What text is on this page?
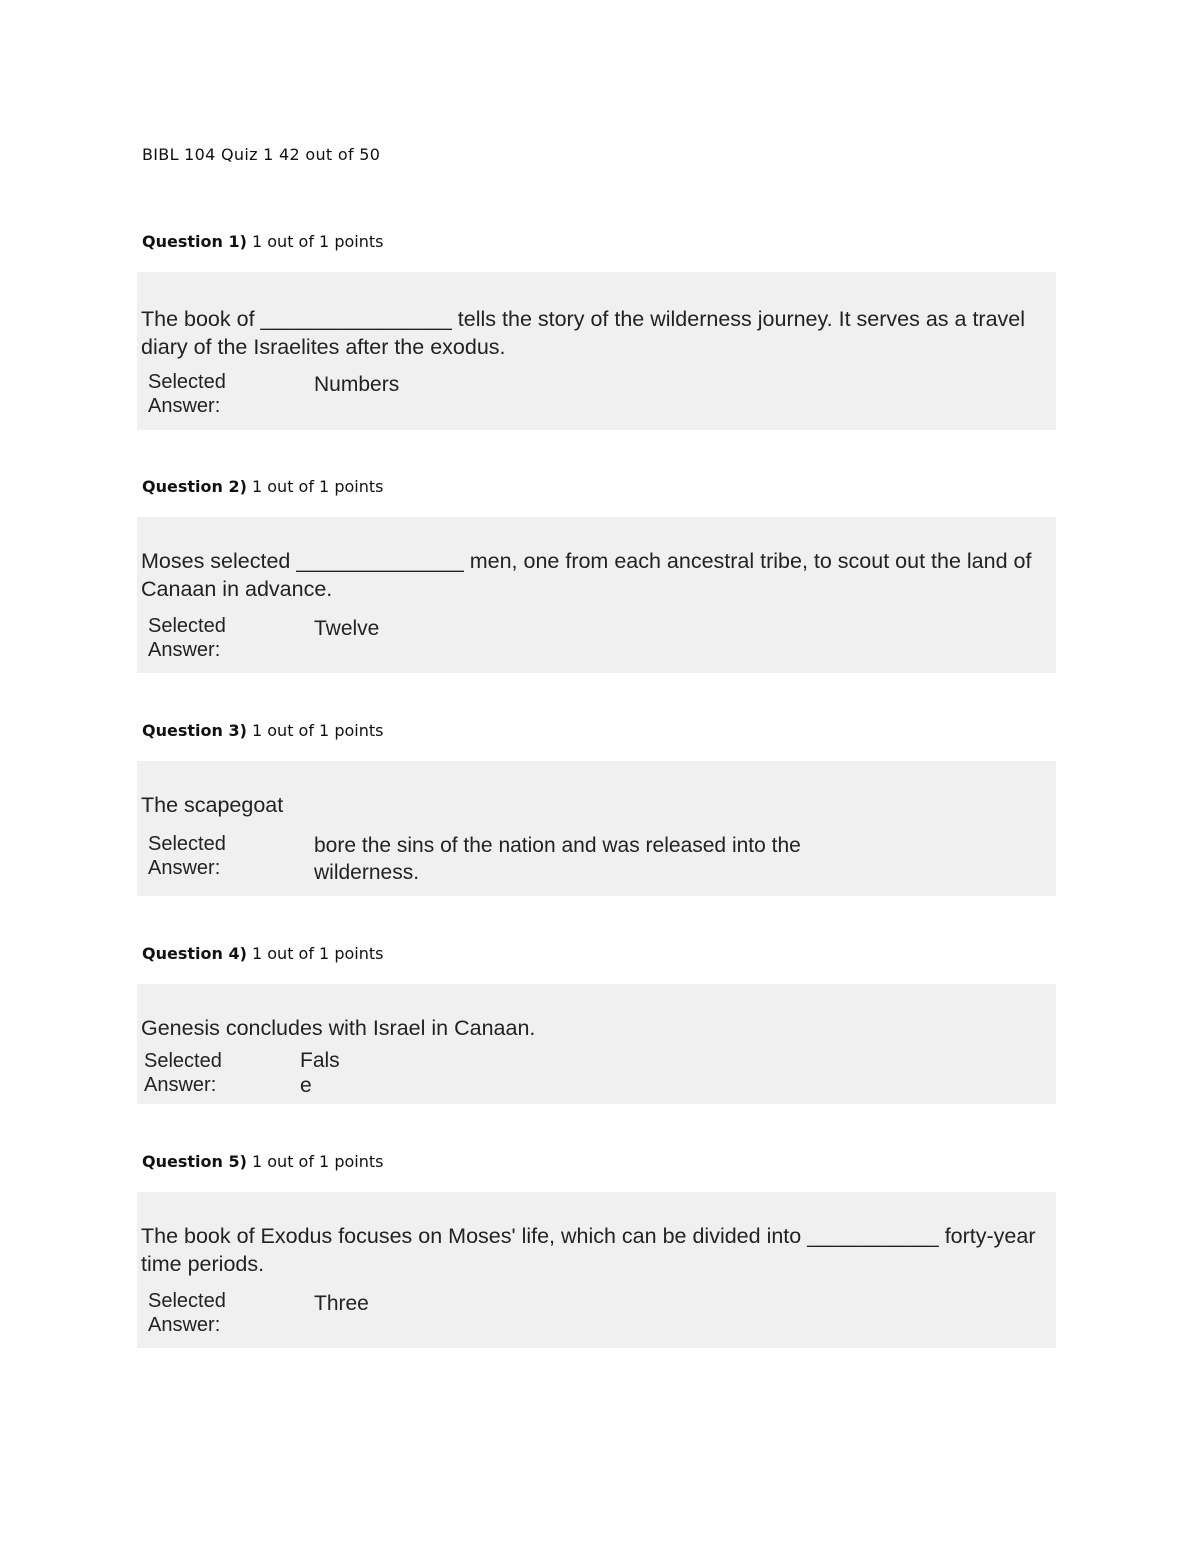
BIBL 104 Quiz 1 42 out of 50
Question 1) 1 out of 1 points
The book of ________________ tells the story of the wilderness journey. It serves as a travel diary of the Israelites after the exodus.
Selected Answer:
Numbers
Question 2) 1 out of 1 points
Moses selected ______________ men, one from each ancestral tribe, to scout out the land of Canaan in advance.
Selected Answer:
Twelve
Question 3) 1 out of 1 points
The scapegoat
Selected Answer:
bore the sins of the nation and was released into the wilderness.
Question 4) 1 out of 1 points
Genesis concludes with Israel in Canaan.
Selected Answer:
Fals e
Question 5) 1 out of 1 points
The book of Exodus focuses on Moses' life, which can be divided into ___________ forty-year time periods.
Selected Answer:
Three
